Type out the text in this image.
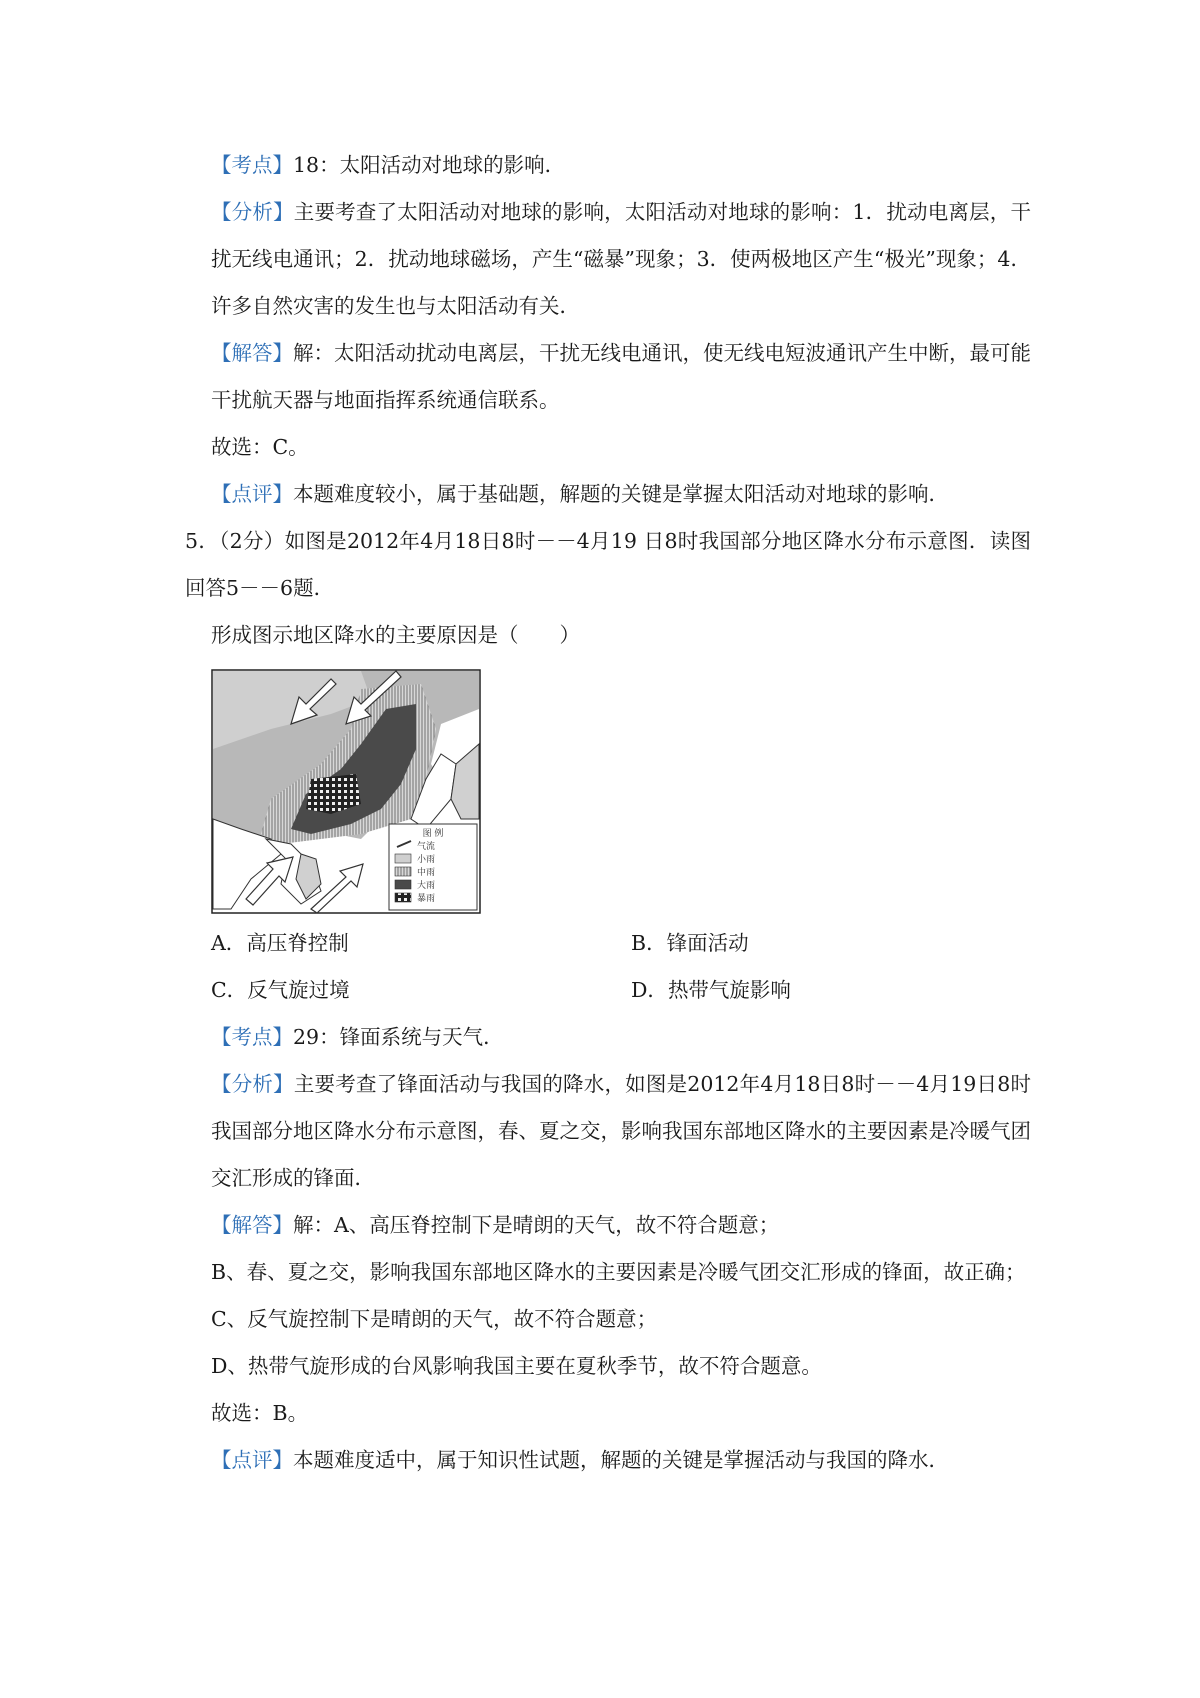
【考点】18：太阳活动对地球的影响．

【分析】主要考查了太阳活动对地球的影响，太阳活动对地球的影响：1．扰动电离层，干扰无线电通讯；2．扰动地球磁场，产生“磁暴”现象；3．使两极地区产生“极光”现象；4．许多自然灾害的发生也与太阳活动有关．

【解答】解：太阳活动扰动电离层，干扰无线电通讯，使无线电短波通讯产生中断，最可能干扰航天器与地面指挥系统通信联系。

故选：C。

【点评】本题难度较小，属于基础题，解题的关键是掌握太阳活动对地球的影响．

5．（2分）如图是2012年4月18日8时－－4月19 日8时我国部分地区降水分布示意图．读图回答5－－6题．

形成图示地区降水的主要原因是（　　）

图 例
气流
小雨
中雨
大雨
暴雨
A．高压脊控制	B．锋面活动
C．反气旋过境	D．热带气旋影响

【考点】29：锋面系统与天气．

【分析】主要考查了锋面活动与我国的降水，如图是2012年4月18日8时－－4月19日8时我国部分地区降水分布示意图，春、夏之交，影响我国东部地区降水的主要因素是冷暖气团交汇形成的锋面．

【解答】解：A、高压脊控制下是晴朗的天气，故不符合题意；

B、春、夏之交，影响我国东部地区降水的主要因素是冷暖气团交汇形成的锋面，故正确；

C、反气旋控制下是晴朗的天气，故不符合题意；

D、热带气旋形成的台风影响我国主要在夏秋季节，故不符合题意。

故选：B。

【点评】本题难度适中，属于知识性试题，解题的关键是掌握活动与我国的降水．
